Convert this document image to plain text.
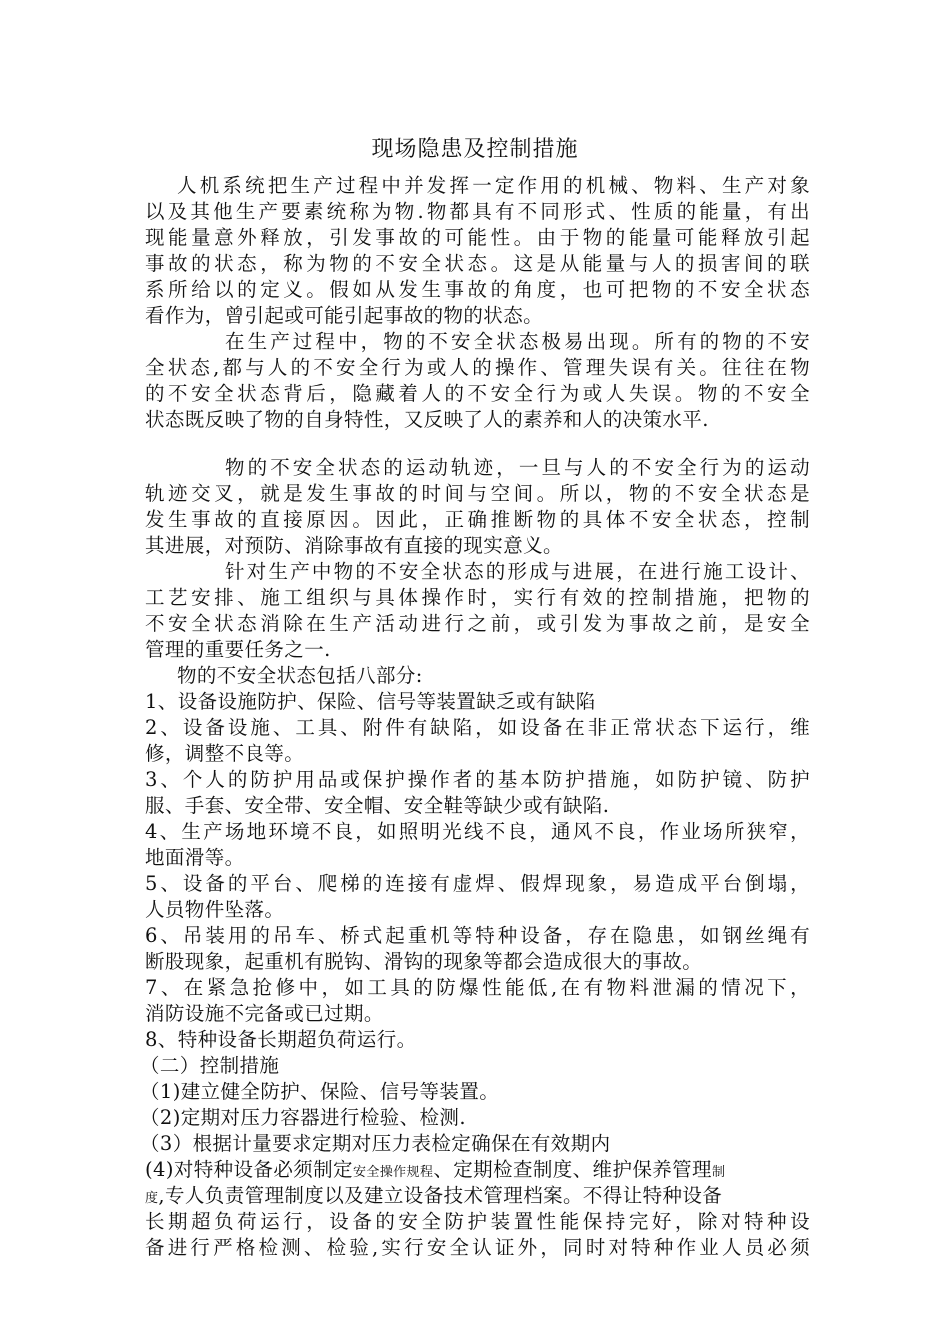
现场隐患及控制措施
人机系统把生产过程中并发挥一定作用的机械、物料、生产对象
以及其他生产要素统称为物.物都具有不同形式、性质的能量，有出
现能量意外释放，引发事故的可能性。由于物的能量可能释放引起
事故的状态，称为物的不安全状态。这是从能量与人的损害间的联
系所给以的定义。假如从发生事故的角度，也可把物的不安全状态
看作为，曾引起或可能引起事故的物的状态。
在生产过程中，物的不安全状态极易出现。所有的物的不安
全状态,都与人的不安全行为或人的操作、管理失误有关。往往在物
的不安全状态背后，隐藏着人的不安全行为或人失误。物的不安全
状态既反映了物的自身特性，又反映了人的素养和人的决策水平.
物的不安全状态的运动轨迹，一旦与人的不安全行为的运动
轨迹交叉，就是发生事故的时间与空间。所以，物的不安全状态是
发生事故的直接原因。因此，正确推断物的具体不安全状态，控制
其进展，对预防、消除事故有直接的现实意义。
针对生产中物的不安全状态的形成与进展，在进行施工设计、
工艺安排、施工组织与具体操作时，实行有效的控制措施，把物的
不安全状态消除在生产活动进行之前，或引发为事故之前，是安全
管理的重要任务之一.
物的不安全状态包括八部分:
1、设备设施防护、保险、信号等装置缺乏或有缺陷
2、设备设施、工具、附件有缺陷，如设备在非正常状态下运行，维
修，调整不良等。
3、个人的防护用品或保护操作者的基本防护措施，如防护镜、防护
服、手套、安全带、安全帽、安全鞋等缺少或有缺陷.
4、生产场地环境不良，如照明光线不良，通风不良，作业场所狭窄，
地面滑等。
5、设备的平台、爬梯的连接有虚焊、假焊现象，易造成平台倒塌，
人员物件坠落。
6、吊装用的吊车、桥式起重机等特种设备，存在隐患，如钢丝绳有
断股现象，起重机有脱钩、滑钩的现象等都会造成很大的事故。
7、在紧急抢修中，如工具的防爆性能低,在有物料泄漏的情况下，
消防设施不完备或已过期。
8、特种设备长期超负荷运行。
（二）控制措施
（1)建立健全防护、保险、信号等装置。
（2)定期对压力容器进行检验、检测.
（3）根据计量要求定期对压力表检定确保在有效期内
(4)对特种设备必须制定安全操作规程、定期检查制度、维护保养管理制
度,专人负责管理制度以及建立设备技术管理档案。不得让特种设备
长期超负荷运行，设备的安全防护装置性能保持完好，除对特种设
备进行严格检测、检验,实行安全认证外，同时对特种作业人员必须
